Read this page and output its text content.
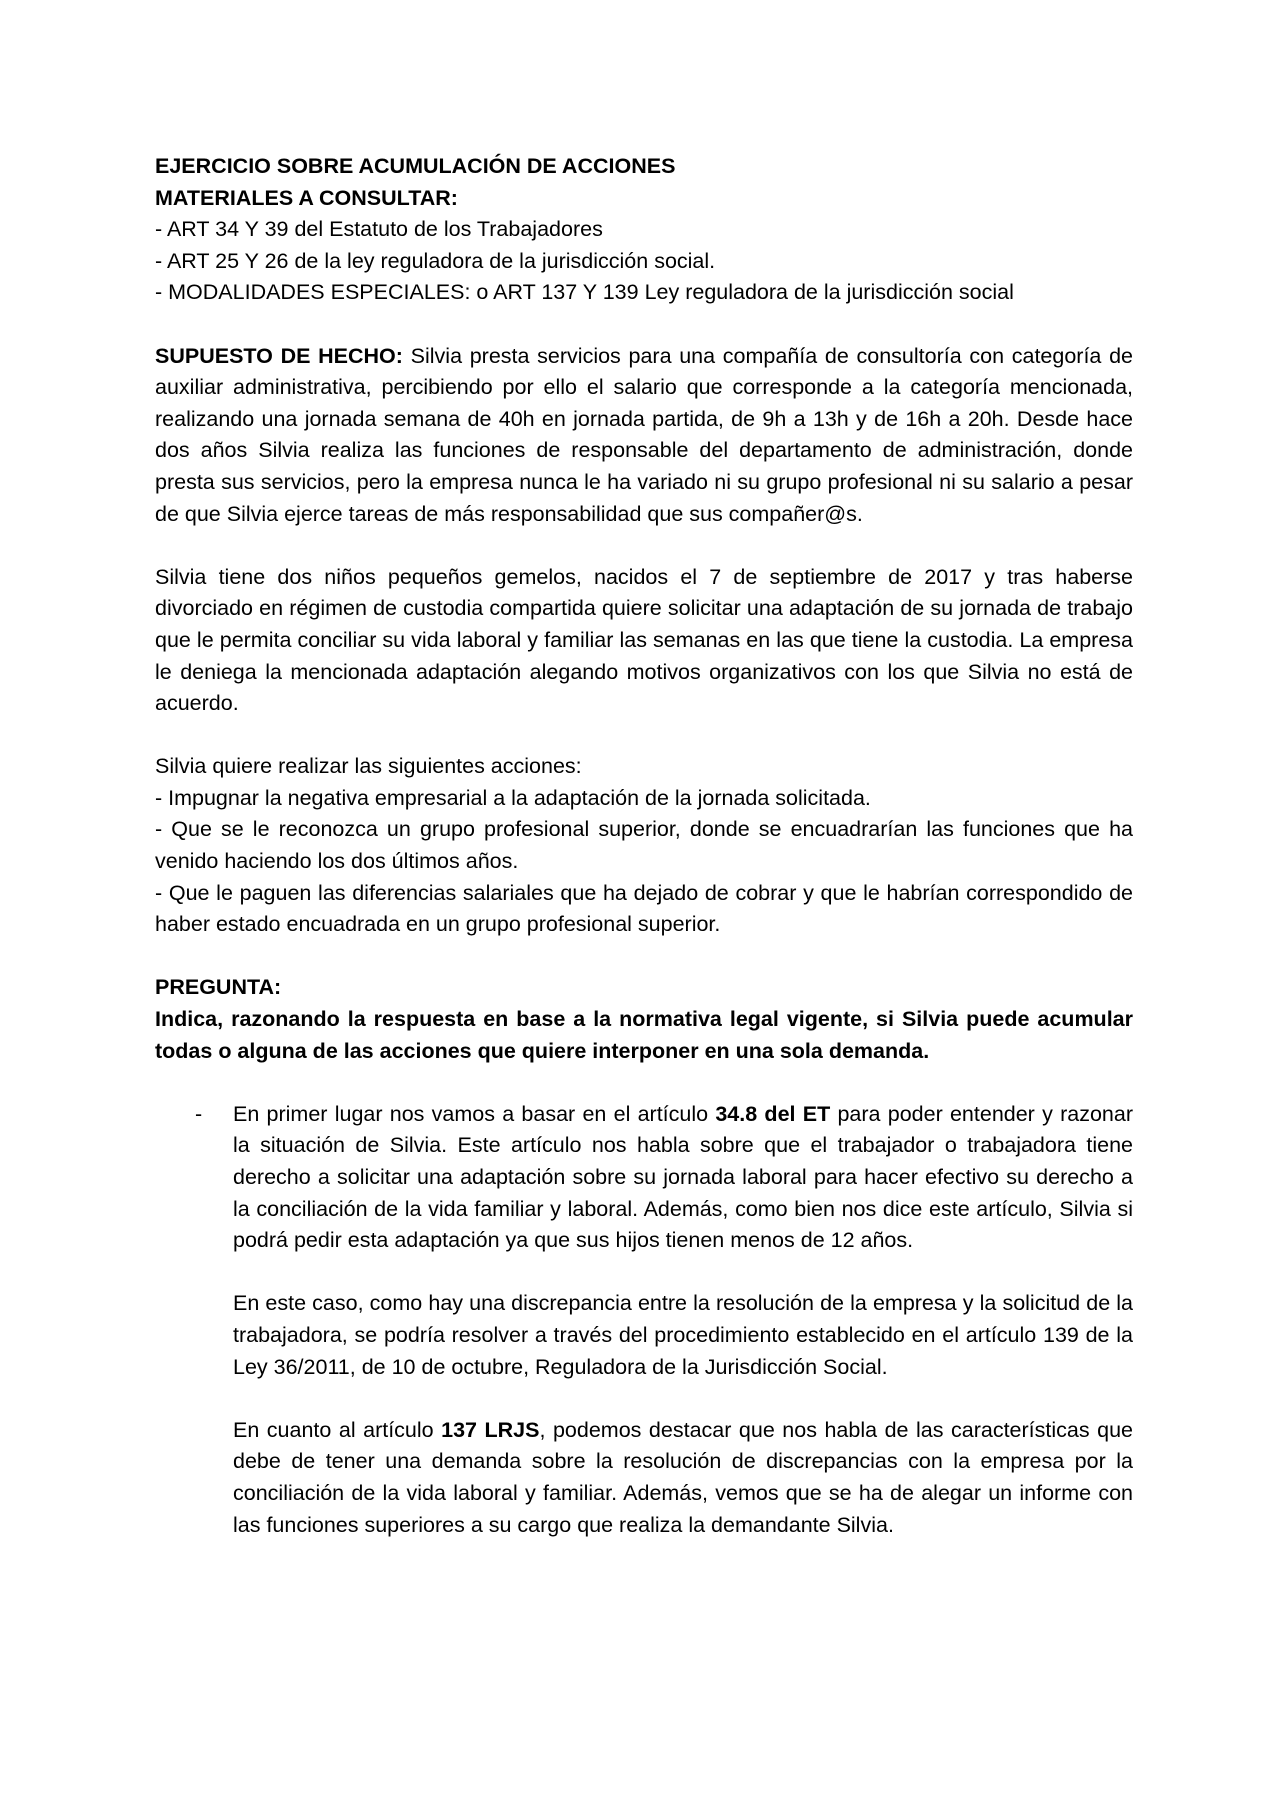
EJERCICIO SOBRE ACUMULACIÓN DE ACCIONES

MATERIALES A CONSULTAR:

- ART 34 Y 39 del Estatuto de los Trabajadores

- ART 25 Y 26 de la ley reguladora de la jurisdicción social.

- MODALIDADES ESPECIALES: o ART 137 Y 139 Ley reguladora de la jurisdicción social

SUPUESTO DE HECHO: Silvia presta servicios para una compañía de consultoría con categoría de auxiliar administrativa, percibiendo por ello el salario que corresponde a la categoría mencionada, realizando una jornada semana de 40h en jornada partida, de 9h a 13h y de 16h a 20h. Desde hace dos años Silvia realiza las funciones de responsable del departamento de administración, donde presta sus servicios, pero la empresa nunca le ha variado ni su grupo profesional ni su salario a pesar de que Silvia ejerce tareas de más responsabilidad que sus compañer@s.

Silvia tiene dos niños pequeños gemelos, nacidos el 7 de septiembre de 2017 y tras haberse divorciado en régimen de custodia compartida quiere solicitar una adaptación de su jornada de trabajo que le permita conciliar su vida laboral y familiar las semanas en las que tiene la custodia. La empresa le deniega la mencionada adaptación alegando motivos organizativos con los que Silvia no está de acuerdo.

Silvia quiere realizar las siguientes acciones:

- Impugnar la negativa empresarial a la adaptación de la jornada solicitada.

- Que se le reconozca un grupo profesional superior, donde se encuadrarían las funciones que ha venido haciendo los dos últimos años.

- Que le paguen las diferencias salariales que ha dejado de cobrar y que le habrían correspondido de haber estado encuadrada en un grupo profesional superior.

PREGUNTA:

Indica, razonando la respuesta en base a la normativa legal vigente, si Silvia puede acumular todas o alguna de las acciones que quiere interponer en una sola demanda.

- En primer lugar nos vamos a basar en el artículo 34.8 del ET para poder entender y razonar la situación de Silvia. Este artículo nos habla sobre que el trabajador o trabajadora tiene derecho a solicitar una adaptación sobre su jornada laboral para hacer efectivo su derecho a la conciliación de la vida familiar y laboral. Además, como bien nos dice este artículo, Silvia si podrá pedir esta adaptación ya que sus hijos tienen menos de 12 años.

En este caso, como hay una discrepancia entre la resolución de la empresa y la solicitud de la trabajadora, se podría resolver a través del procedimiento establecido en el artículo 139 de la Ley 36/2011, de 10 de octubre, Reguladora de la Jurisdicción Social.

En cuanto al artículo 137 LRJS, podemos destacar que nos habla de las características que debe de tener una demanda sobre la resolución de discrepancias con la empresa por la conciliación de la vida laboral y familiar. Además, vemos que se ha de alegar un informe con las funciones superiores a su cargo que realiza la demandante Silvia.
